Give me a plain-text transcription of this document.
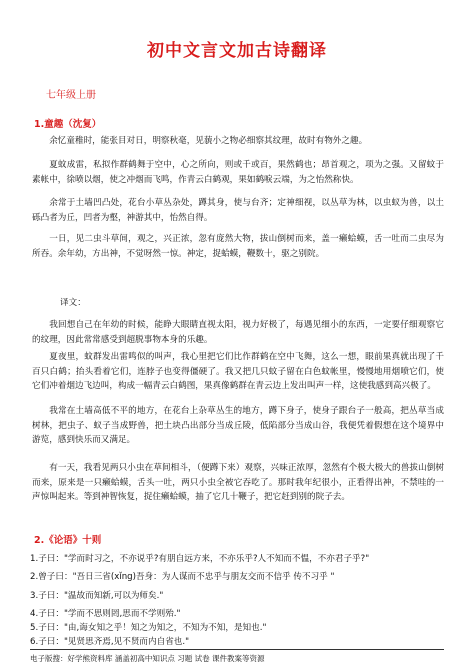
初中文言文加古诗翻译
七年级上册
1.童趣（沈复）
余忆童稚时，能张目对日，明察秋毫，见藐小之物必细察其纹理，故时有物外之趣。
夏蚊成雷，私拟作群鹤舞于空中，心之所向，则或千或百，果然鹤也；昂首观之，项为之强。又留蚊于素帐中，徐喷以烟，使之冲烟而飞鸣，作青云白鹤观，果如鹤唳云端，为之怡然称快。
余常于土墙凹凸处，花台小草丛杂处，蹲其身，使与台齐；定神细视，以丛草为林，以虫蚁为兽，以土砾凸者为丘，凹者为壑，神游其中，怡然自得。
一日，见二虫斗草间，观之，兴正浓，忽有庞然大物，拔山倒树而来，盖一癞蛤蟆，舌一吐而二虫尽为所吞。余年幼，方出神，不觉呀然一惊。神定，捉蛤蟆，鞭数十，驱之别院。
译文：
我回想自己在年幼的时候，能睁大眼睛直视太阳，视力好极了，每遇见细小的东西，一定要仔细观察它的纹理，因此常常感受到超脱事物本身的乐趣。
夏夜里，蚊群发出雷鸣似的叫声，我心里把它们比作群鹤在空中飞舞，这么一想，眼前果真就出现了千百只白鹤；抬头看着它们，连脖子也变得僵硬了。我又把几只蚊子留在白色蚊帐里，慢慢地用烟喷它们，使它们冲着烟边飞边叫，构成一幅青云白鹤图，果真像鹤群在青云边上发出叫声一样，这使我感到高兴极了。
我常在土墙高低不平的地方，在花台上杂草丛生的地方，蹲下身子，使身子跟台子一般高，把丛草当成树林，把虫子、蚁子当成野兽，把土块凸出部分当成丘陵，低陷部分当成山谷，我便凭着假想在这个境界中游览，感到快乐而又满足。
有一天，我看见两只小虫在草间相斗，（便蹲下来）观察，兴味正浓厚，忽然有个极大极大的兽拔山倒树而来，原来是一只癞蛤蟆，舌头一吐，两只小虫全被它吞吃了。那时我年纪很小，正看得出神，不禁哇的一声惊叫起来。等到神智恢复，捉住癞蛤蟆，抽了它几十鞭子，把它赶到别的院子去。
2.《论语》十则
1.子曰："学而时习之，不亦说乎?有朋自远方来，不亦乐乎?人不知而不愠，不亦君子乎?"
2.曾子曰："吾日三省(xǐng)吾身：为人谋而不忠乎与朋友交而不信乎 传不习乎 "
3.子曰："温故而知新,可以为师矣."
4.子曰："学而不思则罔,思而不学则殆."
5.子曰："由,诲女知之乎！知之为知之，不知为不知，是知也."
6.子曰："见贤思齐焉,见不贤而内自省也."
电子版搜：好学熊资料库 涵盖初高中知识点 习题 试卷 课件教案等资源
